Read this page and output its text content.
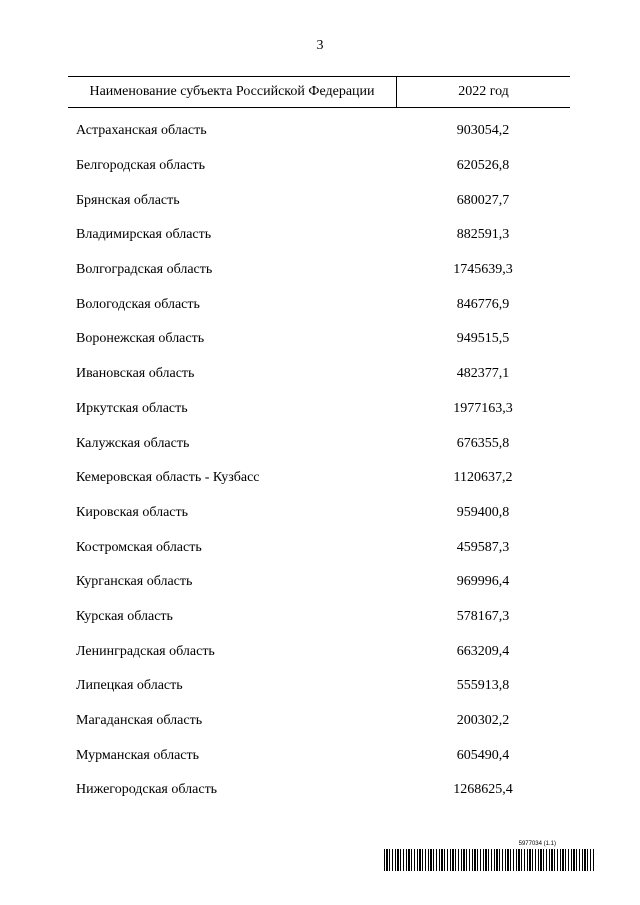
3
Наименование субъекта Российской Федерации	2022 год
Астраханская область	903054,2
Белгородская область	620526,8
Брянская область	680027,7
Владимирская область	882591,3
Волгоградская область	1745639,3
Вологодская область	846776,9
Воронежская область	949515,5
Ивановская область	482377,1
Иркутская область	1977163,3
Калужская область	676355,8
Кемеровская область - Кузбасс	1120637,2
Кировская область	959400,8
Костромская область	459587,3
Курганская область	969996,4
Курская область	578167,3
Ленинградская область	663209,4
Липецкая область	555913,8
Магаданская область	200302,2
Мурманская область	605490,4
Нижегородская область	1268625,4
5977034 (1.1)
